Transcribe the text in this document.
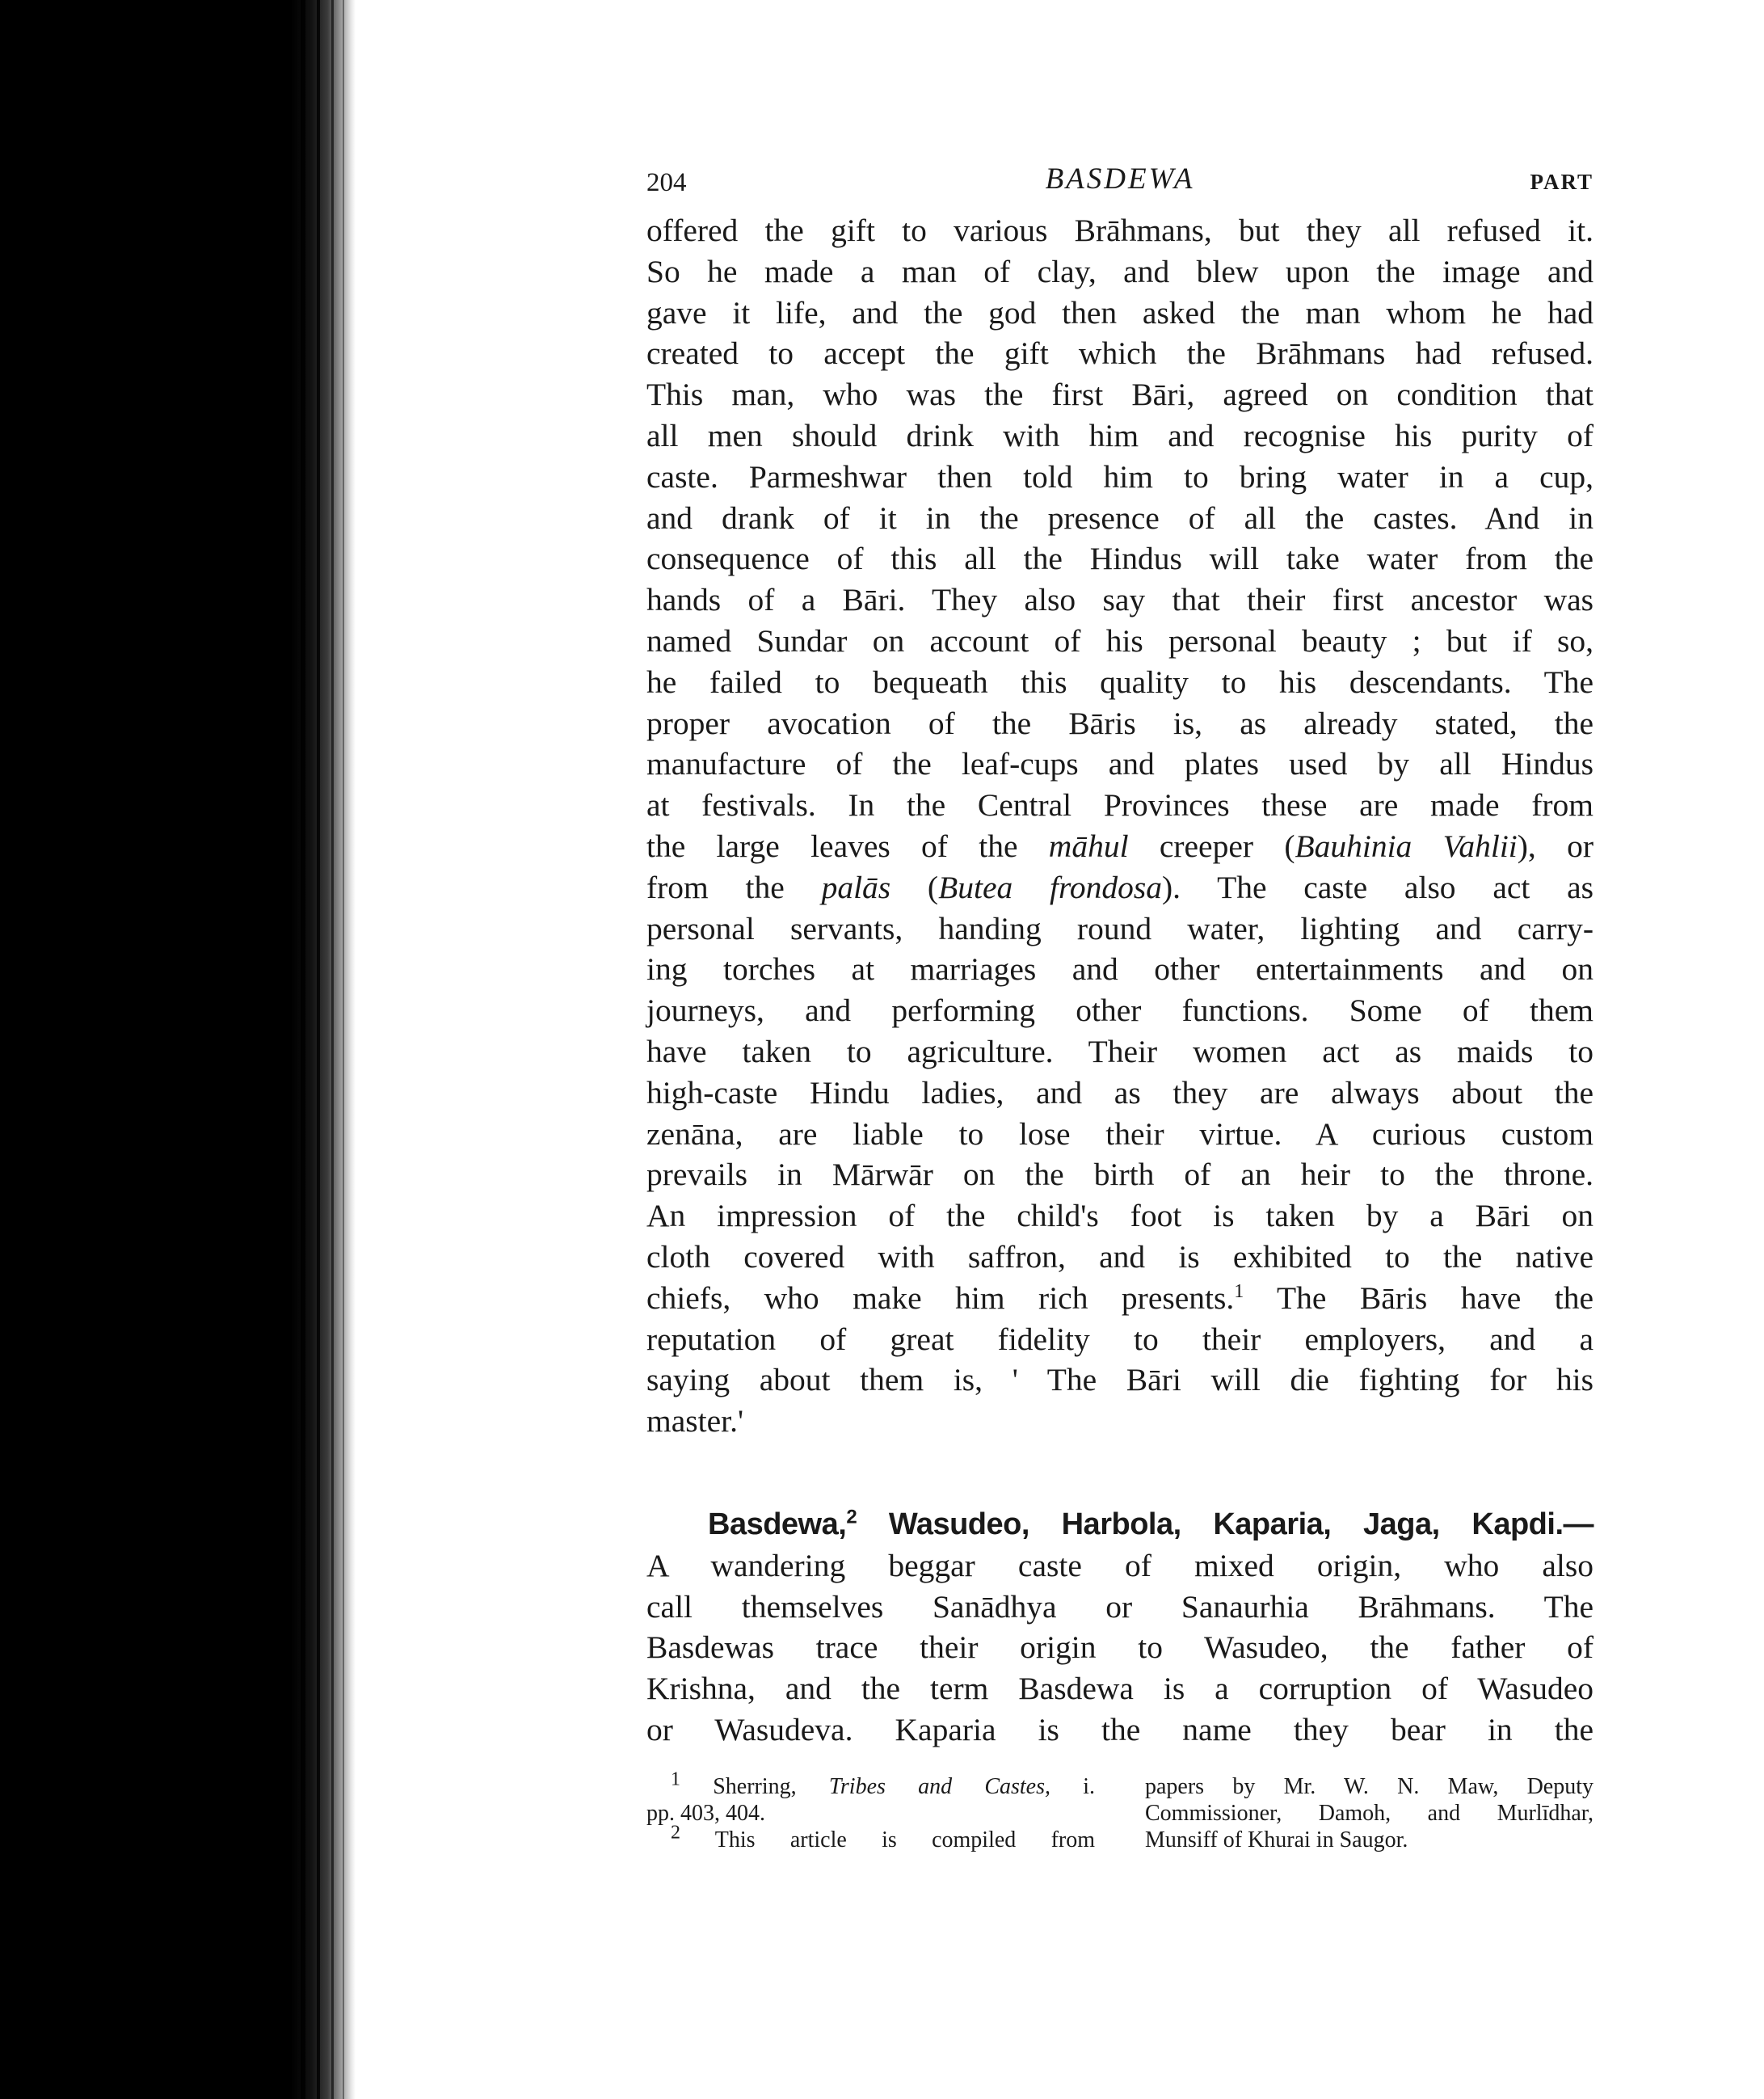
204	BASDEWA	PART
offered the gift to various Brāhmans, but they all refused it.
So he made a man of clay, and blew upon the image and
gave it life, and the god then asked the man whom he had
created to accept the gift which the Brāhmans had refused.
This man, who was the first Bāri, agreed on condition that
all men should drink with him and recognise his purity of
caste. Parmeshwar then told him to bring water in a cup,
and drank of it in the presence of all the castes. And in
consequence of this all the Hindus will take water from the
hands of a Bāri. They also say that their first ancestor was
named Sundar on account of his personal beauty ; but if so,
he failed to bequeath this quality to his descendants. The
proper avocation of the Bāris is, as already stated, the
manufacture of the leaf-cups and plates used by all Hindus
at festivals. In the Central Provinces these are made from
the large leaves of the māhul creeper (Bauhinia Vahlii), or
from the palās (Butea frondosa). The caste also act as
personal servants, handing round water, lighting and carry-
ing torches at marriages and other entertainments and on
journeys, and performing other functions. Some of them
have taken to agriculture. Their women act as maids to
high-caste Hindu ladies, and as they are always about the
zenāna, are liable to lose their virtue. A curious custom
prevails in Mārwār on the birth of an heir to the throne.
An impression of the child's foot is taken by a Bāri on
cloth covered with saffron, and is exhibited to the native
chiefs, who make him rich presents.$^1$ The Bāris have the
reputation of great fidelity to their employers, and a
saying about them is, ' The Bāri will die fighting for his
master.'
Basdewa,$^2$ Wasudeo, Harbola, Kaparia, Jaga, Kapdi.—
A wandering beggar caste of mixed origin, who also
call themselves Sanādhya or Sanaurhia Brāhmans. The
Basdewas trace their origin to Wasudeo, the father of
Krishna, and the term Basdewa is a corruption of Wasudeo
or Wasudeva. Kaparia is the name they bear in the
$^1$ Sherring, Tribes and Castes, i.
pp. 403, 404.
$^2$ This article is compiled from
papers by Mr. W. N. Maw, Deputy
Commissioner, Damoh, and Murlīdhar,
Munsiff of Khurai in Saugor.
